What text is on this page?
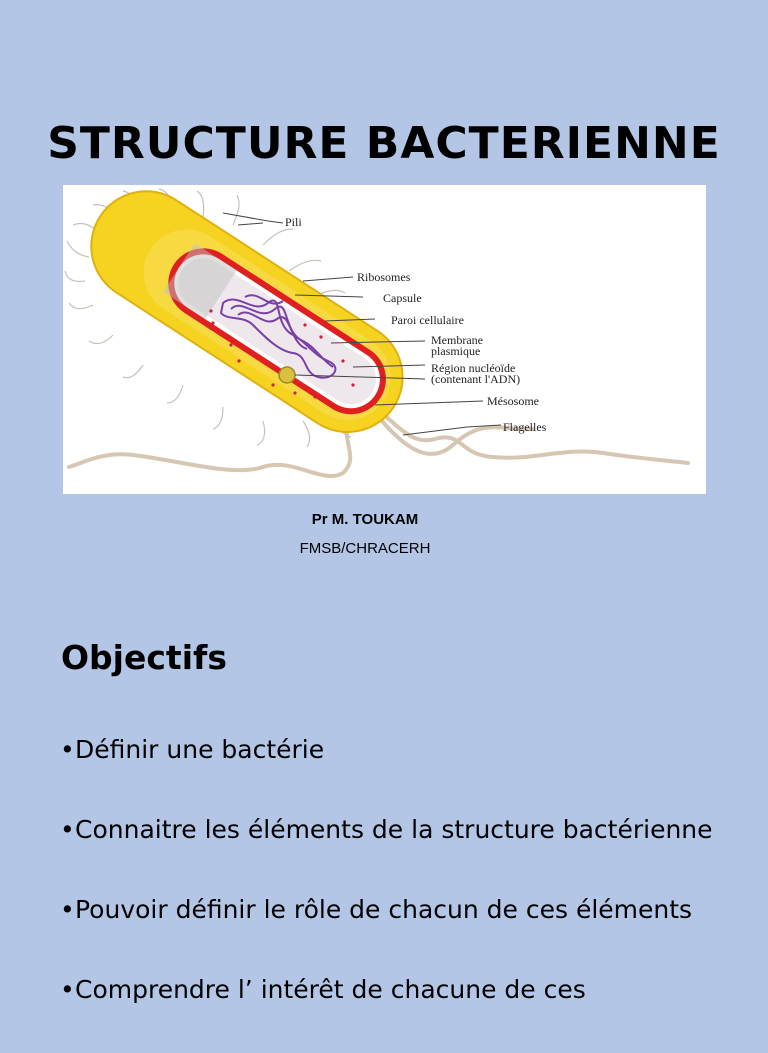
STRUCTURE BACTERIENNE
Pili
Ribosomes
Capsule
Paroi cellulaire
Membrane
plasmique
Région nucléoïde
(contenant l'ADN)
Mésosome
Flagelles
Pr M. TOUKAM
FMSB/CHRACERH
Objectifs
• Définir une bactérie
• Connaitre les éléments de la structure bactérienne
• Pouvoir définir le rôle de chacun de ces éléments
• Comprendre l’ intérêt de chacune de ces
